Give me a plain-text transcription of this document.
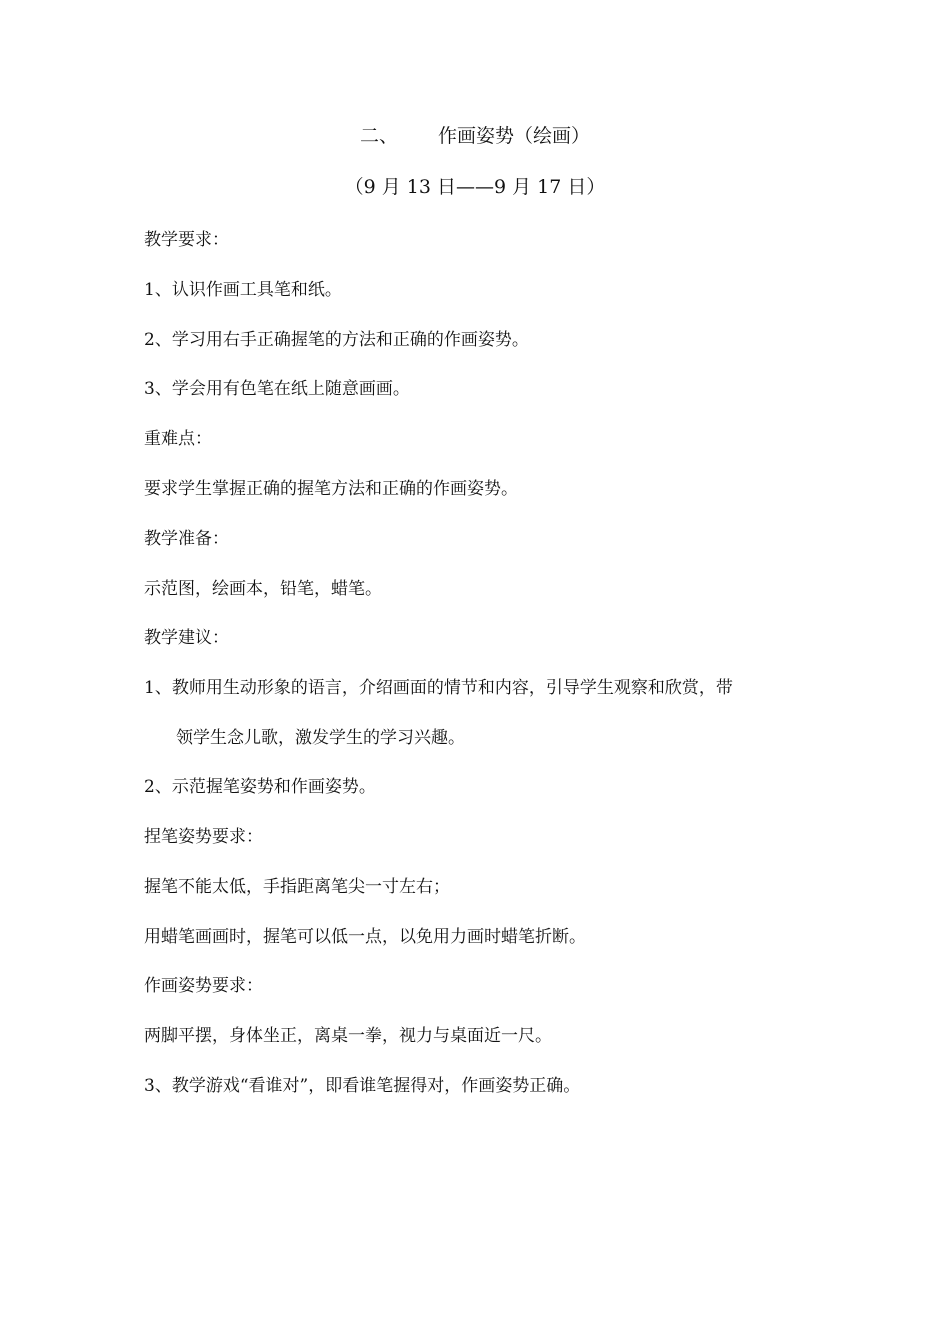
二、 作画姿势（绘画）
（9 月 13 日——9 月 17 日）
教学要求：
1、认识作画工具笔和纸。
2、学习用右手正确握笔的方法和正确的作画姿势。
3、学会用有色笔在纸上随意画画。
重难点：
要求学生掌握正确的握笔方法和正确的作画姿势。
教学准备：
示范图，绘画本，铅笔，蜡笔。
教学建议：
1、教师用生动形象的语言，介绍画面的情节和内容，引导学生观察和欣赏，带
领学生念儿歌，激发学生的学习兴趣。
2、示范握笔姿势和作画姿势。
捏笔姿势要求：
握笔不能太低，手指距离笔尖一寸左右；
用蜡笔画画时，握笔可以低一点，以免用力画时蜡笔折断。
作画姿势要求：
两脚平摆，身体坐正，离桌一拳，视力与桌面近一尺。
3、教学游戏“看谁对”，即看谁笔握得对，作画姿势正确。
